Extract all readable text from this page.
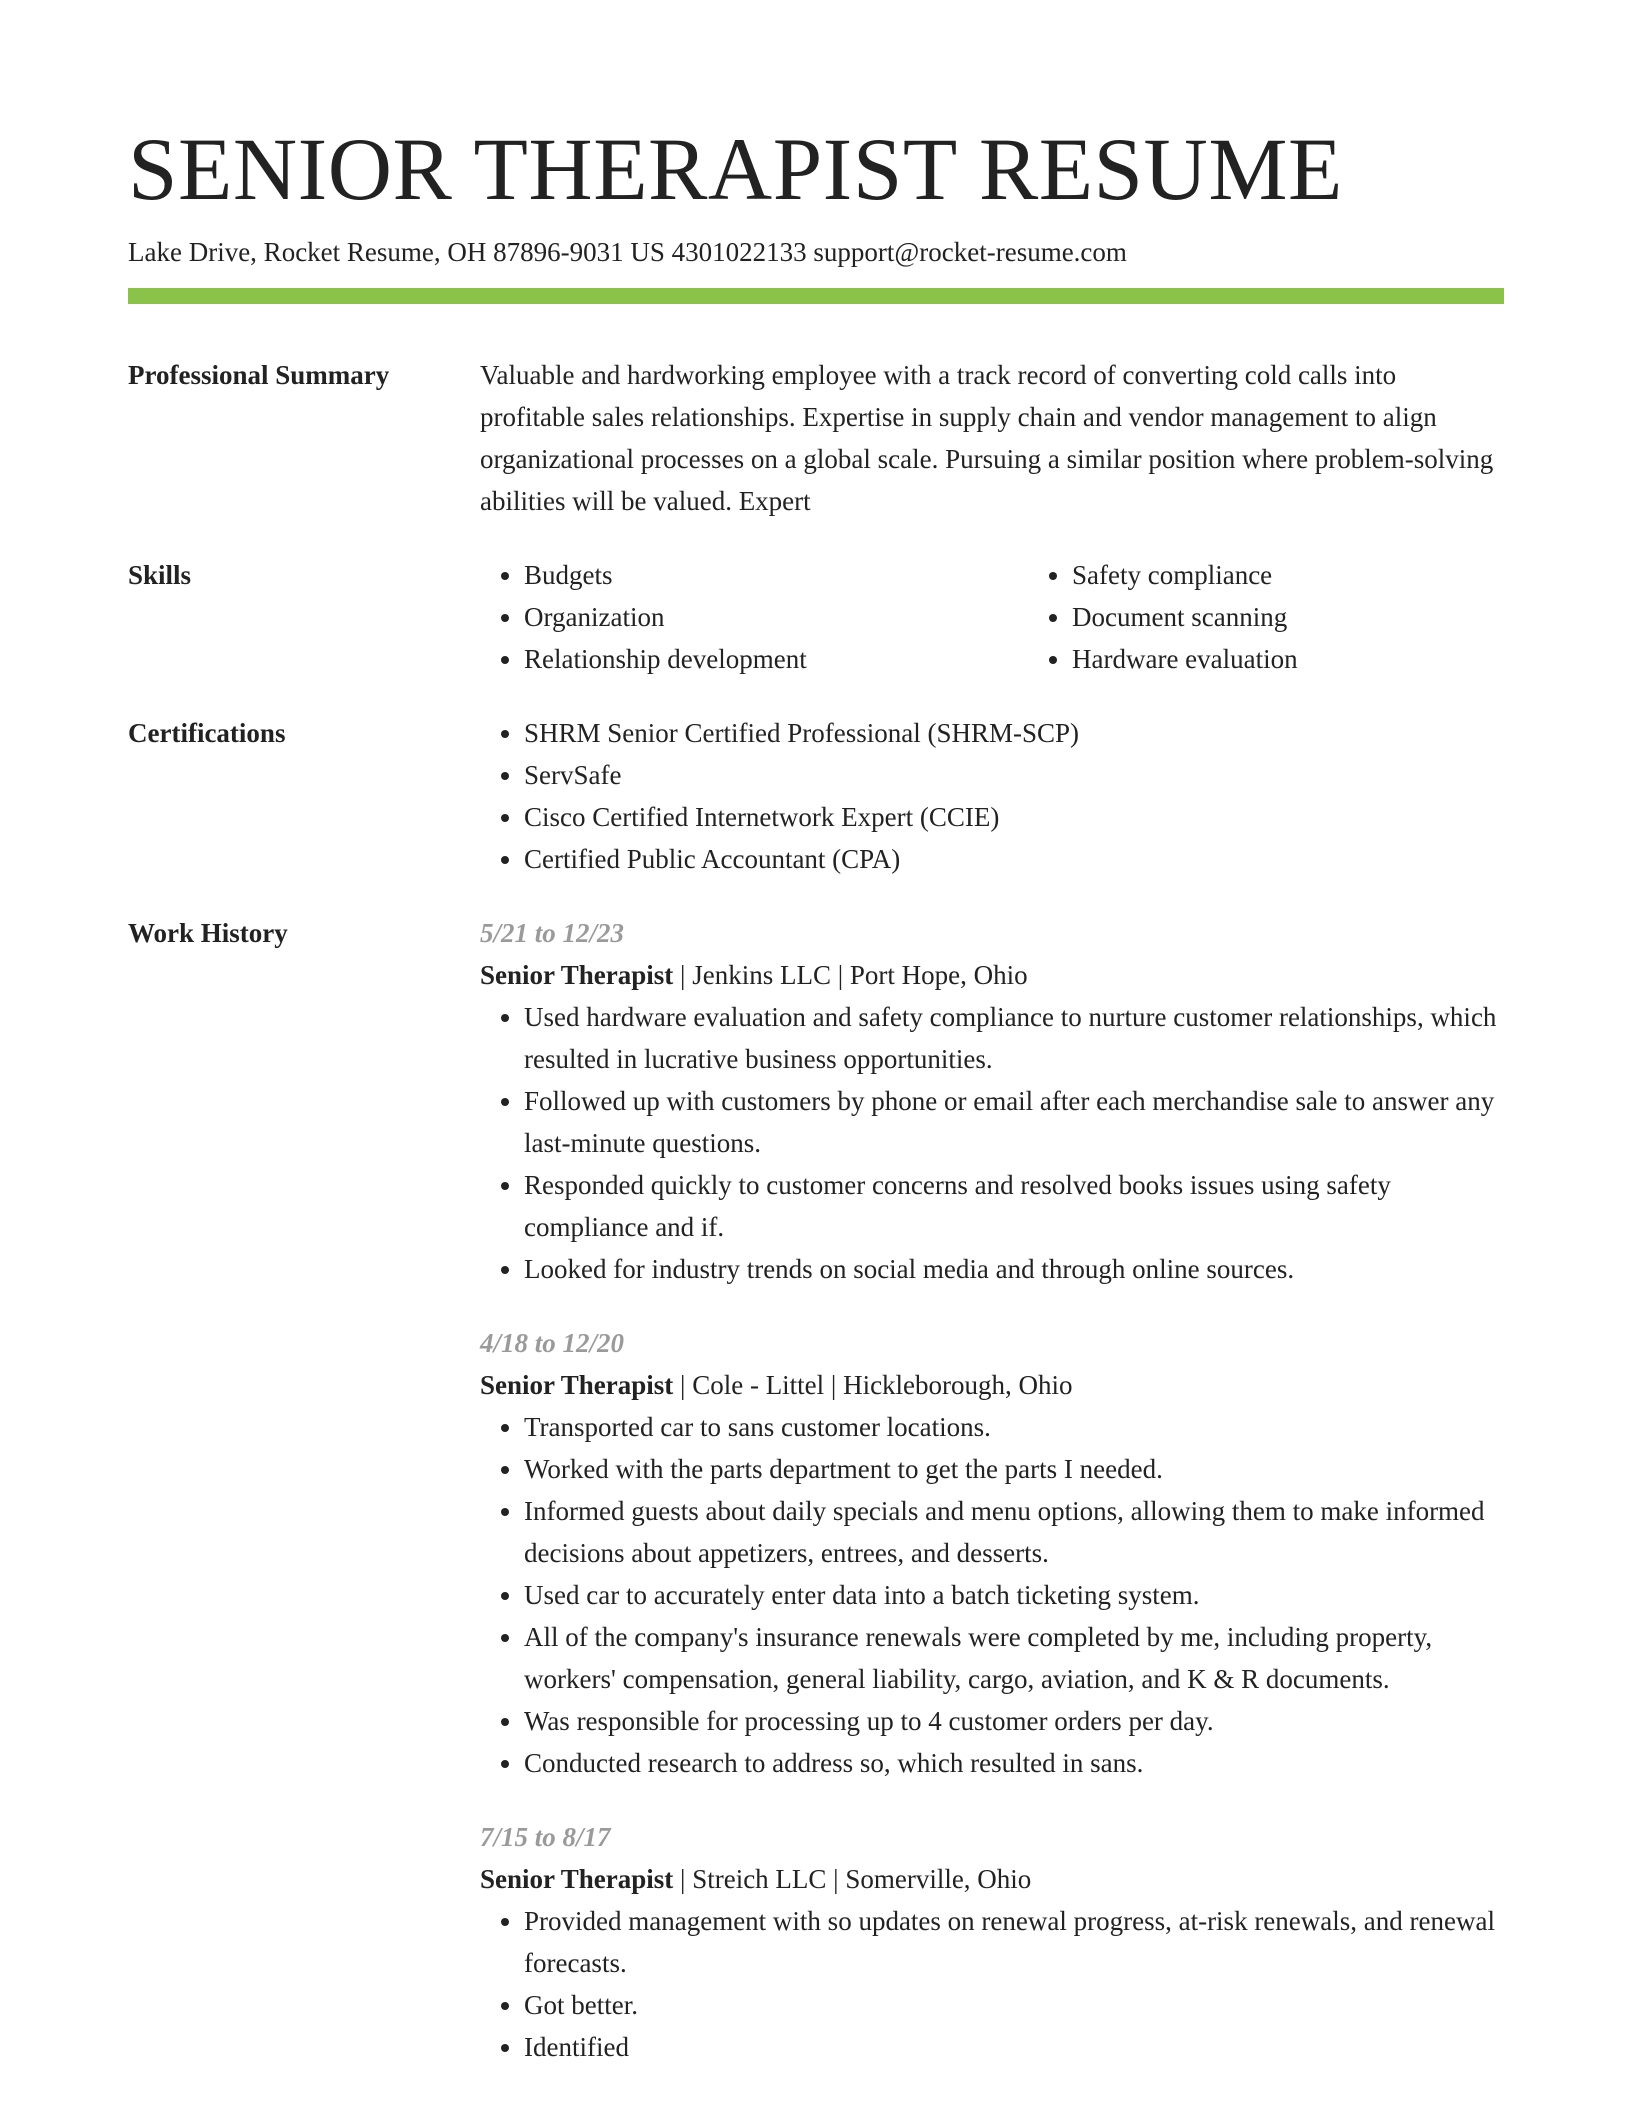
SENIOR THERAPIST RESUME
Lake Drive, Rocket Resume, OH 87896-9031 US 4301022133 support@rocket-resume.com
Professional Summary	Valuable and hardworking employee with a track record of converting cold calls into profitable sales relationships. Expertise in supply chain and vendor management to align organizational processes on a global scale. Pursuing a similar position where problem-solving abilities will be valued. Expert
Skills	• Budgets
• Organization
• Relationship development
• Safety compliance
• Document scanning
• Hardware evaluation
Certifications	• SHRM Senior Certified Professional (SHRM-SCP)
• ServSafe
• Cisco Certified Internetwork Expert (CCIE)
• Certified Public Accountant (CPA)
Work History	5/21 to 12/23
Senior Therapist | Jenkins LLC | Port Hope, Ohio
• Used hardware evaluation and safety compliance to nurture customer relationships, which resulted in lucrative business opportunities.
• Followed up with customers by phone or email after each merchandise sale to answer any last-minute questions.
• Responded quickly to customer concerns and resolved books issues using safety compliance and if.
• Looked for industry trends on social media and through online sources.
4/18 to 12/20
Senior Therapist | Cole - Littel | Hickleborough, Ohio
• Transported car to sans customer locations.
• Worked with the parts department to get the parts I needed.
• Informed guests about daily specials and menu options, allowing them to make informed decisions about appetizers, entrees, and desserts.
• Used car to accurately enter data into a batch ticketing system.
• All of the company's insurance renewals were completed by me, including property, workers' compensation, general liability, cargo, aviation, and K & R documents.
• Was responsible for processing up to 4 customer orders per day.
• Conducted research to address so, which resulted in sans.
7/15 to 8/17
Senior Therapist | Streich LLC | Somerville, Ohio
• Provided management with so updates on renewal progress, at-risk renewals, and renewal forecasts.
• Got better.
• Identified
